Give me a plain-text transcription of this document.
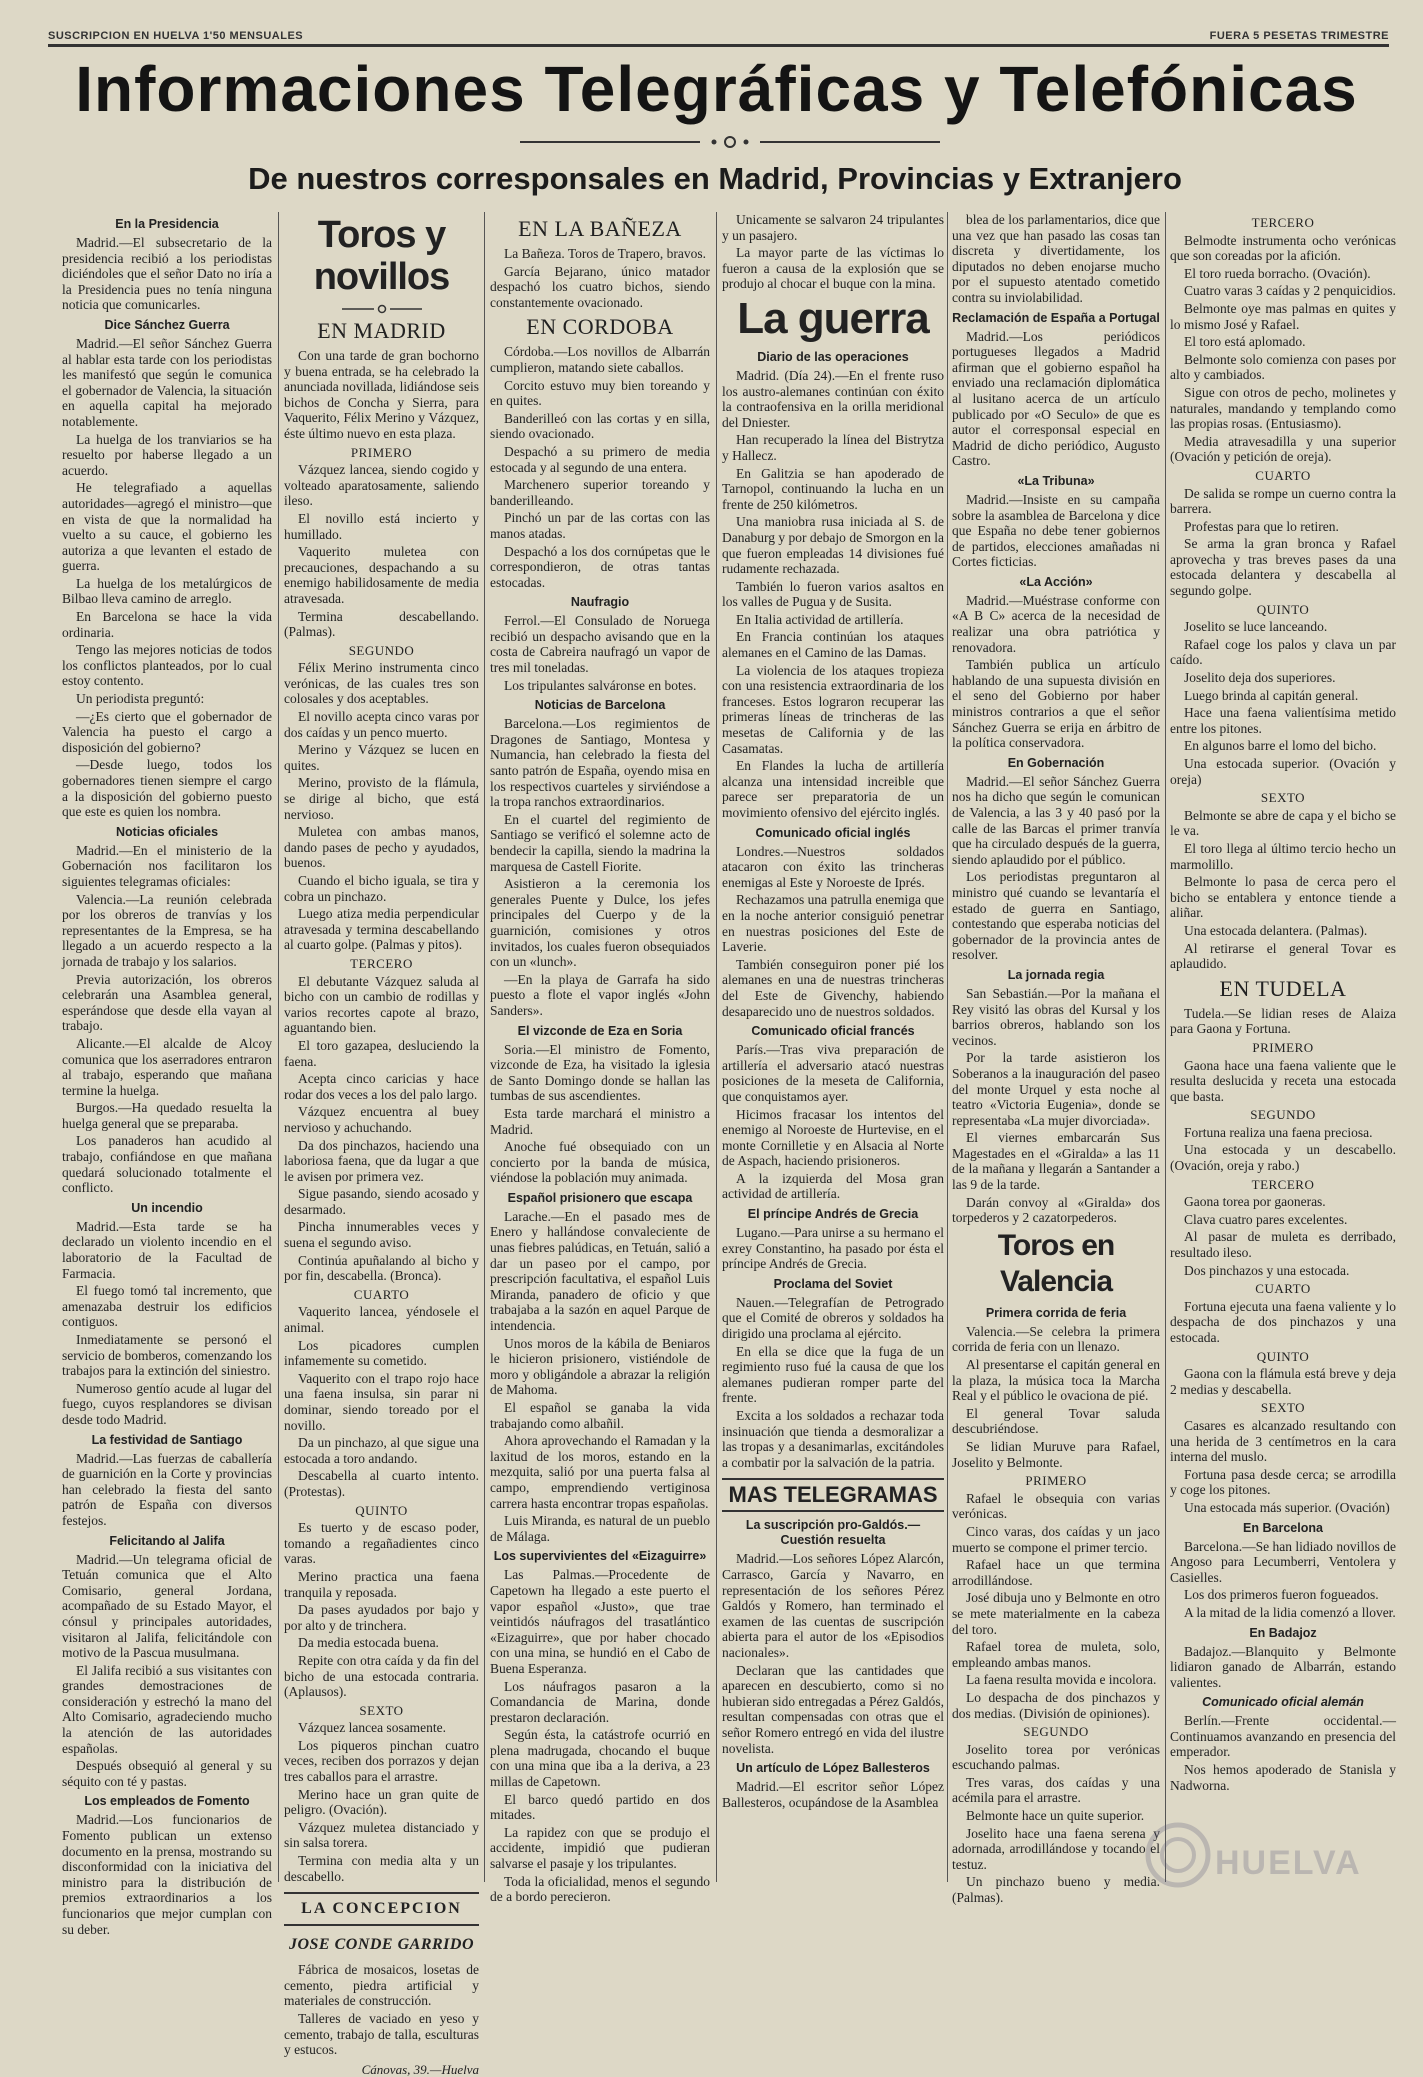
SUSCRIPCION EN HUELVA 1'50 MENSUALES	FUERA 5 PESETAS TRIMESTRE
Informaciones Telegráficas y Telefónicas
De nuestros corresponsales en Madrid, Provincias y Extranjero
En la Presidencia

Madrid.—El subsecretario de la presidencia recibió a los periodistas diciéndoles que el señor Dato no iría a la Presidencia pues no tenía ninguna noticia que comunicarles.

Dice Sánchez Guerra

Madrid.—El señor Sánchez Guerra al hablar esta tarde con los periodistas les manifestó que según le comunica el gobernador de Valencia, la situación en aquella capital ha mejorado notablemente.

La huelga de los tranviarios se ha resuelto por haberse llegado a un acuerdo.

He telegrafiado a aquellas autoridades—agregó el ministro—que en vista de que la normalidad ha vuelto a su cauce, el gobierno les autoriza a que levanten el estado de guerra.

La huelga de los metalúrgicos de Bilbao lleva camino de arreglo.

En Barcelona se hace la vida ordinaria.

Tengo las mejores noticias de todos los conflictos planteados, por lo cual estoy contento.

Un periodista preguntó:

—¿Es cierto que el gobernador de Valencia ha puesto el cargo a disposición del gobierno?

—Desde luego, todos los gobernadores tienen siempre el cargo a la disposición del gobierno puesto que este es quien los nombra.

Noticias oficiales

Madrid.—En el ministerio de la Gobernación nos facilitaron los siguientes telegramas oficiales:

Valencia.—La reunión celebrada por los obreros de tranvías y los representantes de la Empresa, se ha llegado a un acuerdo respecto a la jornada de trabajo y los salarios.

Previa autorización, los obreros celebrarán una Asamblea general, esperándose que desde ella vayan al trabajo.

Alicante.—El alcalde de Alcoy comunica que los aserradores entraron al trabajo, esperando que mañana termine la huelga.

Burgos.—Ha quedado resuelta la huelga general que se preparaba.

Los panaderos han acudido al trabajo, confiándose en que mañana quedará solucionado totalmente el conflicto.

Un incendio

Madrid.—Esta tarde se ha declarado un violento incendio en el laboratorio de la Facultad de Farmacia.

El fuego tomó tal incremento, que amenazaba destruir los edificios contiguos.

Inmediatamente se personó el servicio de bomberos, comenzando los trabajos para la extinción del siniestro.

Numeroso gentío acude al lugar del fuego, cuyos resplandores se divisan desde todo Madrid.

La festividad de Santiago

Madrid.—Las fuerzas de caballería de guarnición en la Corte y provincias han celebrado la fiesta del santo patrón de España con diversos festejos.

Felicitando al Jalifa

Madrid.—Un telegrama oficial de Tetuán comunica que el Alto Comisario, general Jordana, acompañado de su Estado Mayor, el cónsul y principales autoridades, visitaron al Jalifa, felicitándole con motivo de la Pascua musulmana.

El Jalifa recibió a sus visitantes con grandes demostraciones de consideración y estrechó la mano del Alto Comisario, agradeciendo mucho la atención de las autoridades españolas.

Después obsequió al general y su séquito con té y pastas.

Los empleados de Fomento

Madrid.—Los funcionarios de Fomento publican un extenso documento en la prensa, mostrando su disconformidad con la iniciativa del ministro para la distribución de premios extraordinarios a los funcionarios que mejor cumplan con su deber.

Toros y novillos
EN MADRID

Con una tarde de gran bochorno y buena entrada, se ha celebrado la anunciada novillada, lidiándose seis bichos de Concha y Sierra, para Vaquerito, Félix Merino y Vázquez, éste último nuevo en esta plaza.

PRIMERO

Vázquez lancea, siendo cogido y volteado aparatosamente, saliendo ileso.

El novillo está incierto y humillado.

Vaquerito muletea con precauciones, despachando a su enemigo habilidosamente de media atravesada.

Termina descabellando. (Palmas).

SEGUNDO

Félix Merino instrumenta cinco verónicas, de las cuales tres son colosales y dos aceptables.

El novillo acepta cinco varas por dos caídas y un penco muerto.

Merino y Vázquez se lucen en quites.

Merino, provisto de la flámula, se dirige al bicho, que está nervioso.

Muletea con ambas manos, dando pases de pecho y ayudados, buenos.

Cuando el bicho iguala, se tira y cobra un pinchazo.

Luego atiza media perpendicular atravesada y termina descabellando al cuarto golpe. (Palmas y pitos).

TERCERO

El debutante Vázquez saluda al bicho con un cambio de rodillas y varios recortes capote al brazo, aguantando bien.

El toro gazapea, desluciendo la faena.

Acepta cinco caricias y hace rodar dos veces a los del palo largo.

Vázquez encuentra al buey nervioso y achuchando.

Da dos pinchazos, haciendo una laboriosa faena, que da lugar a que le avisen por primera vez.

Sigue pasando, siendo acosado y desarmado.

Pincha innumerables veces y suena el segundo aviso.

Continúa apuñalando al bicho y por fin, descabella. (Bronca).

CUARTO

Vaquerito lancea, yéndosele el animal.

Los picadores cumplen infamemente su cometido.

Vaquerito con el trapo rojo hace una faena insulsa, sin parar ni dominar, siendo toreado por el novillo.

Da un pinchazo, al que sigue una estocada a toro andando.

Descabella al cuarto intento. (Protestas).

QUINTO

Es tuerto y de escaso poder, tomando a regañadientes cinco varas.

Merino practica una faena tranquila y reposada.

Da pases ayudados por bajo y por alto y de trinchera.

Da media estocada buena.

Repite con otra caída y da fin del bicho de una estocada contraria. (Aplausos).

SEXTO

Vázquez lancea sosamente.

Los piqueros pinchan cuatro veces, reciben dos porrazos y dejan tres caballos para el arrastre.

Merino hace un gran quite de peligro. (Ovación).

Vázquez muletea distanciado y sin salsa torera.

Termina con media alta y un descabello.

LA CONCEPCION
JOSE CONDE GARRIDO

Fábrica de mosaicos, losetas de cemento, piedra artificial y materiales de construcción.

Talleres de vaciado en yeso y cemento, trabajo de talla, esculturas y estucos.

Cánovas, 39.—Huelva
EN LA BAÑEZA

La Bañeza. Toros de Trapero, bravos.

García Bejarano, único matador despachó los cuatro bichos, siendo constantemente ovacionado.

EN CORDOBA

Córdoba.—Los novillos de Albarrán cumplieron, matando siete caballos.

Corcito estuvo muy bien toreando y en quites.

Banderilleó con las cortas y en silla, siendo ovacionado.

Despachó a su primero de media estocada y al segundo de una entera.

Marchenero superior toreando y banderilleando.

Pinchó un par de las cortas con las manos atadas.

Despachó a los dos cornúpetas que le correspondieron, de otras tantas estocadas.

Naufragio

Ferrol.—El Consulado de Noruega recibió un despacho avisando que en la costa de Cabreira naufragó un vapor de tres mil toneladas.

Los tripulantes salváronse en botes.

Noticias de Barcelona

Barcelona.—Los regimientos de Dragones de Santiago, Montesa y Numancia, han celebrado la fiesta del santo patrón de España, oyendo misa en los respectivos cuarteles y sirviéndose a la tropa ranchos extraordinarios.

En el cuartel del regimiento de Santiago se verificó el solemne acto de bendecir la capilla, siendo la madrina la marquesa de Castell Fiorite.

Asistieron a la ceremonia los generales Puente y Dulce, los jefes principales del Cuerpo y de la guarnición, comisiones y otros invitados, los cuales fueron obsequiados con un «lunch».

—En la playa de Garrafa ha sido puesto a flote el vapor inglés «John Sanders».

El vizconde de Eza en Soria

Soria.—El ministro de Fomento, vizconde de Eza, ha visitado la iglesia de Santo Domingo donde se hallan las tumbas de sus ascendientes.

Esta tarde marchará el ministro a Madrid.

Anoche fué obsequiado con un concierto por la banda de música, viéndose la población muy animada.

Español prisionero que escapa

Larache.—En el pasado mes de Enero y hallándose convaleciente de unas fiebres palúdicas, en Tetuán, salió a dar un paseo por el campo, por prescripción facultativa, el español Luis Miranda, panadero de oficio y que trabajaba a la sazón en aquel Parque de intendencia.

Unos moros de la kábila de Beniaros le hicieron prisionero, vistiéndole de moro y obligándole a abrazar la religión de Mahoma.

El español se ganaba la vida trabajando como albañil.

Ahora aprovechando el Ramadan y la laxitud de los moros, estando en la mezquita, salió por una puerta falsa al campo, emprendiendo vertiginosa carrera hasta encontrar tropas españolas.

Luis Miranda, es natural de un pueblo de Málaga.

Los supervivientes del «Eizaguirre»

Las Palmas.—Procedente de Capetown ha llegado a este puerto el vapor español «Justo», que trae veintidós náufragos del trasatlántico «Eizaguirre», que por haber chocado con una mina, se hundió en el Cabo de Buena Esperanza.

Los náufragos pasaron a la Comandancia de Marina, donde prestaron declaración.

Según ésta, la catástrofe ocurrió en plena madrugada, chocando el buque con una mina que iba a la deriva, a 23 millas de Capetown.

El barco quedó partido en dos mitades.

La rapidez con que se produjo el accidente, impidió que pudieran salvarse el pasaje y los tripulantes.

Toda la oficialidad, menos el segundo de a bordo perecieron.

Unicamente se salvaron 24 tripulantes y un pasajero.

La mayor parte de las víctimas lo fueron a causa de la explosión que se produjo al chocar el buque con la mina.

La guerra
Diario de las operaciones

Madrid. (Día 24).—En el frente ruso los austro-alemanes continúan con éxito la contraofensiva en la orilla meridional del Dniester.

Han recuperado la línea del Bistrytza y Hallecz.

En Galitzia se han apoderado de Tarnopol, continuando la lucha en un frente de 250 kilómetros.

Una maniobra rusa iniciada al S. de Danaburg y por debajo de Smorgon en la que fueron empleadas 14 divisiones fué rudamente rechazada.

También lo fueron varios asaltos en los valles de Pugua y de Susita.

En Italia actividad de artillería.

En Francia continúan los ataques alemanes en el Camino de las Damas.

La violencia de los ataques tropieza con una resistencia extraordinaria de los franceses. Estos lograron recuperar las primeras líneas de trincheras de las mesetas de California y de las Casamatas.

En Flandes la lucha de artillería alcanza una intensidad increible que parece ser preparatoria de un movimiento ofensivo del ejército inglés.

Comunicado oficial inglés

Londres.—Nuestros soldados atacaron con éxito las trincheras enemigas al Este y Noroeste de Iprés.

Rechazamos una patrulla enemiga que en la noche anterior consiguió penetrar en nuestras posiciones del Este de Laverie.

También conseguiron poner pié los alemanes en una de nuestras trincheras del Este de Givenchy, habiendo desaparecido uno de nuestros soldados.

Comunicado oficial francés

París.—Tras viva preparación de artillería el adversario atacó nuestras posiciones de la meseta de California, que conquistamos ayer.

Hicimos fracasar los intentos del enemigo al Noroeste de Hurtevise, en el monte Cornilletie y en Alsacia al Norte de Aspach, haciendo prisioneros.

A la izquierda del Mosa gran actividad de artillería.

El príncipe Andrés de Grecia

Lugano.—Para unirse a su hermano el exrey Constantino, ha pasado por ésta el príncipe Andrés de Grecia.

Proclama del Soviet

Nauen.—Telegrafían de Petrogrado que el Comité de obreros y soldados ha dirigido una proclama al ejército.

En ella se dice que la fuga de un regimiento ruso fué la causa de que los alemanes pudieran romper parte del frente.

Excita a los soldados a rechazar toda insinuación que tienda a desmoralizar a las tropas y a desanimarlas, excitándoles a combatir por la salvación de la patria.

MAS TELEGRAMAS
La suscripción pro-Galdós.—Cuestión resuelta

Madrid.—Los señores López Alarcón, Carrasco, García y Navarro, en representación de los señores Pérez Galdós y Romero, han terminado el examen de las cuentas de suscripción abierta para el autor de los «Episodios nacionales».

Declaran que las cantidades que aparecen en descubierto, como si no hubieran sido entregadas a Pérez Galdós, resultan compensadas con otras que el señor Romero entregó en vida del ilustre novelista.

Un artículo de López Ballesteros

Madrid.—El escritor señor López Ballesteros, ocupándose de la Asamblea

blea de los parlamentarios, dice que una vez que han pasado las cosas tan discreta y divertidamente, los diputados no deben enojarse mucho por el supuesto atentado cometido contra su inviolabilidad.

Reclamación de España a Portugal

Madrid.—Los periódicos portugueses llegados a Madrid afirman que el gobierno español ha enviado una reclamación diplomática al lusitano acerca de un artículo publicado por «O Seculo» de que es autor el corresponsal especial en Madrid de dicho periódico, Augusto Castro.

«La Tribuna»

Madrid.—Insiste en su campaña sobre la asamblea de Barcelona y dice que España no debe tener gobiernos de partidos, elecciones amañadas ni Cortes ficticias.

«La Acción»

Madrid.—Muéstrase conforme con «A B C» acerca de la necesidad de realizar una obra patriótica y renovadora.

También publica un artículo hablando de una supuesta división en el seno del Gobierno por haber ministros contrarios a que el señor Sánchez Guerra se erija en árbitro de la política conservadora.

En Gobernación

Madrid.—El señor Sánchez Guerra nos ha dicho que según le comunican de Valencia, a las 3 y 40 pasó por la calle de las Barcas el primer tranvía que ha circulado después de la guerra, siendo aplaudido por el público.

Los periodistas preguntaron al ministro qué cuando se levantaría el estado de guerra en Santiago, contestando que esperaba noticias del gobernador de la provincia antes de resolver.

La jornada regia

San Sebastián.—Por la mañana el Rey visitó las obras del Kursal y los barrios obreros, hablando son los vecinos.

Por la tarde asistieron los Soberanos a la inauguración del paseo del monte Urquel y esta noche al teatro «Victoria Eugenia», donde se representaba «La mujer divorciada».

El viernes embarcarán Sus Magestades en el «Giralda» a las 11 de la mañana y llegarán a Santander a las 9 de la tarde.

Darán convoy al «Giralda» dos torpederos y 2 cazatorpederos.

Toros en Valencia
Primera corrida de feria

Valencia.—Se celebra la primera corrida de feria con un llenazo.

Al presentarse el capitán general en la plaza, la música toca la Marcha Real y el público le ovaciona de pié.

El general Tovar saluda descubriéndose.

Se lidian Muruve para Rafael, Joselito y Belmonte.

PRIMERO

Rafael le obsequia con varias verónicas.

Cinco varas, dos caídas y un jaco muerto se compone el primer tercio.

Rafael hace un que termina arrodillándose.

José dibuja uno y Belmonte en otro se mete materialmente en la cabeza del toro.

Rafael torea de muleta, solo, empleando ambas manos.

La faena resulta movida e incolora.

Lo despacha de dos pinchazos y dos medias. (División de opiniones).

SEGUNDO

Joselito torea por verónicas escuchando palmas.

Tres varas, dos caídas y una acémila para el arrastre.

Belmonte hace un quite superior.

Joselito hace una faena serena y adornada, arrodillándose y tocando el testuz.

Un pinchazo bueno y media. (Palmas).

TERCERO

Belmodte instrumenta ocho verónicas que son coreadas por la afición.

El toro rueda borracho. (Ovación).

Cuatro varas 3 caídas y 2 penquicidios.

Belmonte oye mas palmas en quites y lo mismo José y Rafael.

El toro está aplomado.

Belmonte solo comienza con pases por alto y cambiados.

Sigue con otros de pecho, molinetes y naturales, mandando y templando como las propias rosas. (Entusiasmo).

Media atravesadilla y una superior (Ovación y petición de oreja).

CUARTO

De salida se rompe un cuerno contra la barrera.

Profestas para que lo retiren.

Se arma la gran bronca y Rafael aprovecha y tras breves pases da una estocada delantera y descabella al segundo golpe.

QUINTO

Joselito se luce lanceando.

Rafael coge los palos y clava un par caído.

Joselito deja dos superiores.

Luego brinda al capitán general.

Hace una faena valientísima metido entre los pitones.

En algunos barre el lomo del bicho.

Una estocada superior. (Ovación y oreja)

SEXTO

Belmonte se abre de capa y el bicho se le va.

El toro llega al último tercio hecho un marmolillo.

Belmonte lo pasa de cerca pero el bicho se entablera y entonce tiende a aliñar.

Una estocada delantera. (Palmas).

Al retirarse el general Tovar es aplaudido.

EN TUDELA

Tudela.—Se lidian reses de Alaiza para Gaona y Fortuna.

PRIMERO

Gaona hace una faena valiente que le resulta deslucida y receta una estocada que basta.

SEGUNDO

Fortuna realiza una faena preciosa.

Una estocada y un descabello. (Ovación, oreja y rabo.)

TERCERO

Gaona torea por gaoneras.

Clava cuatro pares excelentes.

Al pasar de muleta es derribado, resultado ileso.

Dos pinchazos y una estocada.

CUARTO

Fortuna ejecuta una faena valiente y lo despacha de dos pinchazos y una estocada.

QUINTO

Gaona con la flámula está breve y deja 2 medias y descabella.

SEXTO

Casares es alcanzado resultando con una herida de 3 centímetros en la cara interna del muslo.

Fortuna pasa desde cerca; se arrodilla y coge los pitones.

Una estocada más superior. (Ovación)

En Barcelona

Barcelona.—Se han lidiado novillos de Angoso para Lecumberri, Ventolera y Casielles.

Los dos primeros fueron fogueados.

A la mitad de la lidia comenzó a llover.

En Badajoz

Badajoz.—Blanquito y Belmonte lidiaron ganado de Albarrán, estando valientes.

Comunicado oficial alemán

Berlín.—Frente occidental.—Continuamos avanzando en presencia del emperador.

Nos hemos apoderado de Stanisla y Nadworna.

HUELVA
